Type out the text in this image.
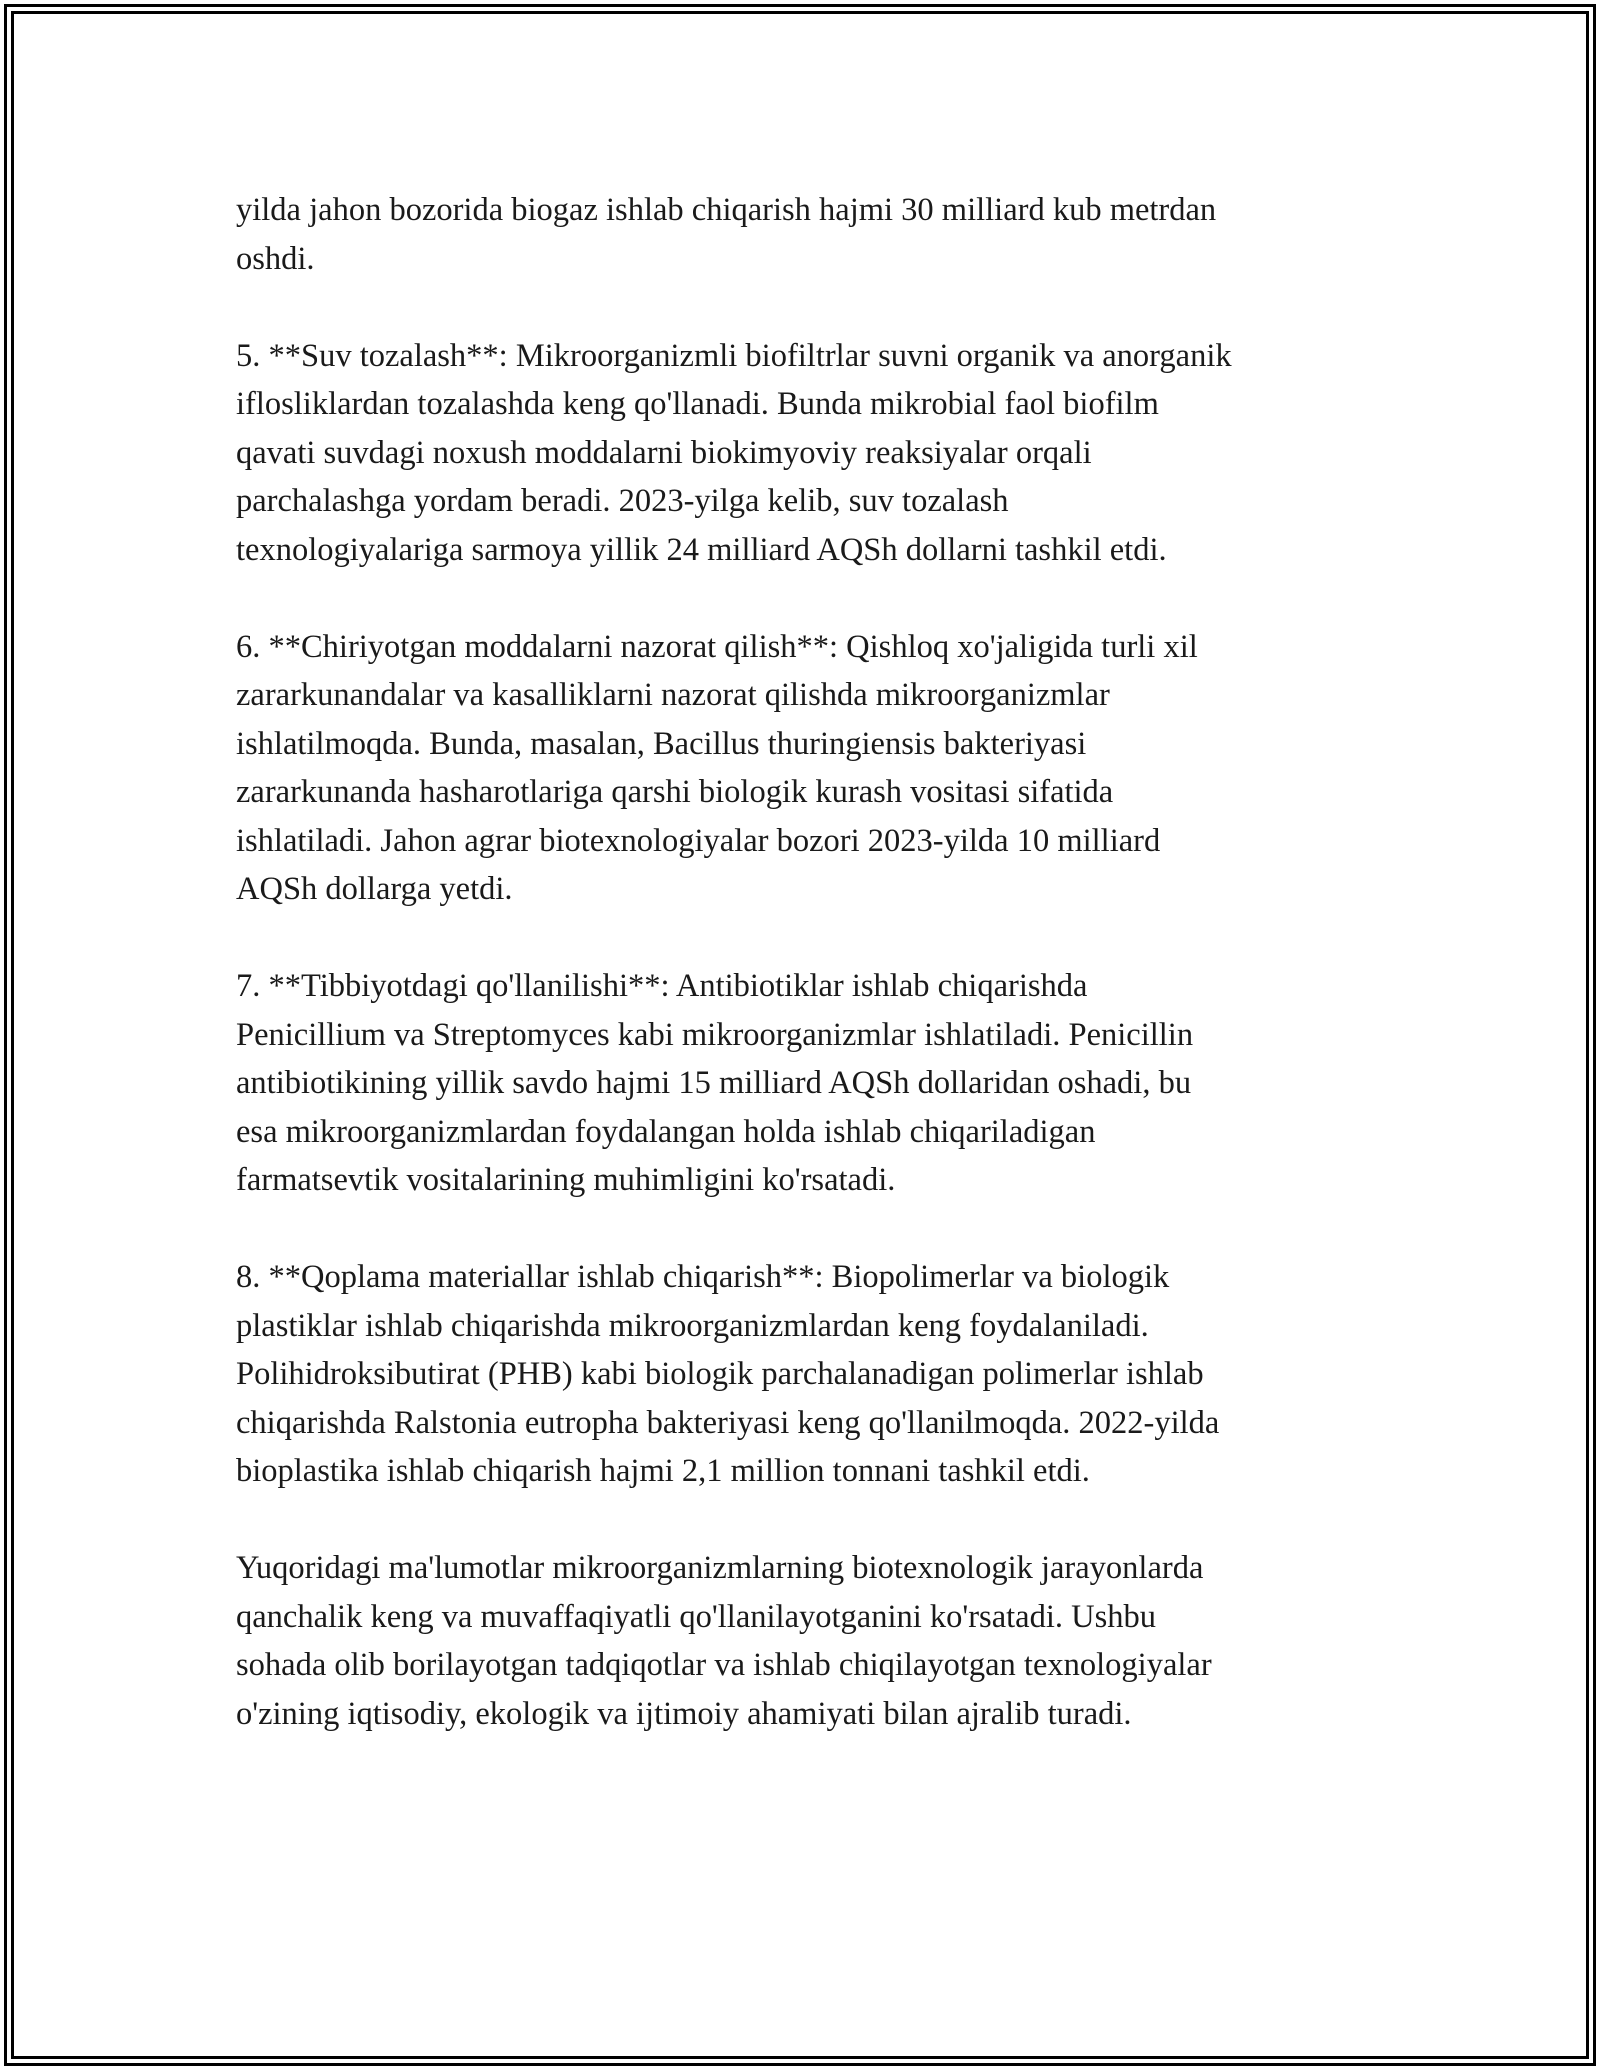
yilda jahon bozorida biogaz ishlab chiqarish hajmi 30 milliard kub metrdan
oshdi.

5. **Suv tozalash**: Mikroorganizmli biofiltrlar suvni organik va anorganik
iflosliklardan tozalashda keng qo'llanadi. Bunda mikrobial faol biofilm
qavati suvdagi noxush moddalarni biokimyoviy reaksiyalar orqali
parchalashga yordam beradi. 2023-yilga kelib, suv tozalash
texnologiyalariga sarmoya yillik 24 milliard AQSh dollarni tashkil etdi.

6. **Chiriyotgan moddalarni nazorat qilish**: Qishloq xo'jaligida turli xil
zararkunandalar va kasalliklarni nazorat qilishda mikroorganizmlar
ishlatilmoqda. Bunda, masalan, Bacillus thuringiensis bakteriyasi
zararkunanda hasharotlariga qarshi biologik kurash vositasi sifatida
ishlatiladi. Jahon agrar biotexnologiyalar bozori 2023-yilda 10 milliard
AQSh dollarga yetdi.

7. **Tibbiyotdagi qo'llanilishi**: Antibiotiklar ishlab chiqarishda
Penicillium va Streptomyces kabi mikroorganizmlar ishlatiladi. Penicillin
antibiotikining yillik savdo hajmi 15 milliard AQSh dollaridan oshadi, bu
esa mikroorganizmlardan foydalangan holda ishlab chiqariladigan
farmatsevtik vositalarining muhimligini ko'rsatadi.

8. **Qoplama materiallar ishlab chiqarish**: Biopolimerlar va biologik
plastiklar ishlab chiqarishda mikroorganizmlardan keng foydalaniladi.
Polihidroksibutirat (PHB) kabi biologik parchalanadigan polimerlar ishlab
chiqarishda Ralstonia eutropha bakteriyasi keng qo'llanilmoqda. 2022-yilda
bioplastika ishlab chiqarish hajmi 2,1 million tonnani tashkil etdi.

Yuqoridagi ma'lumotlar mikroorganizmlarning biotexnologik jarayonlarda
qanchalik keng va muvaffaqiyatli qo'llanilayotganini ko'rsatadi. Ushbu
sohada olib borilayotgan tadqiqotlar va ishlab chiqilayotgan texnologiyalar
o'zining iqtisodiy, ekologik va ijtimoiy ahamiyati bilan ajralib turadi.
